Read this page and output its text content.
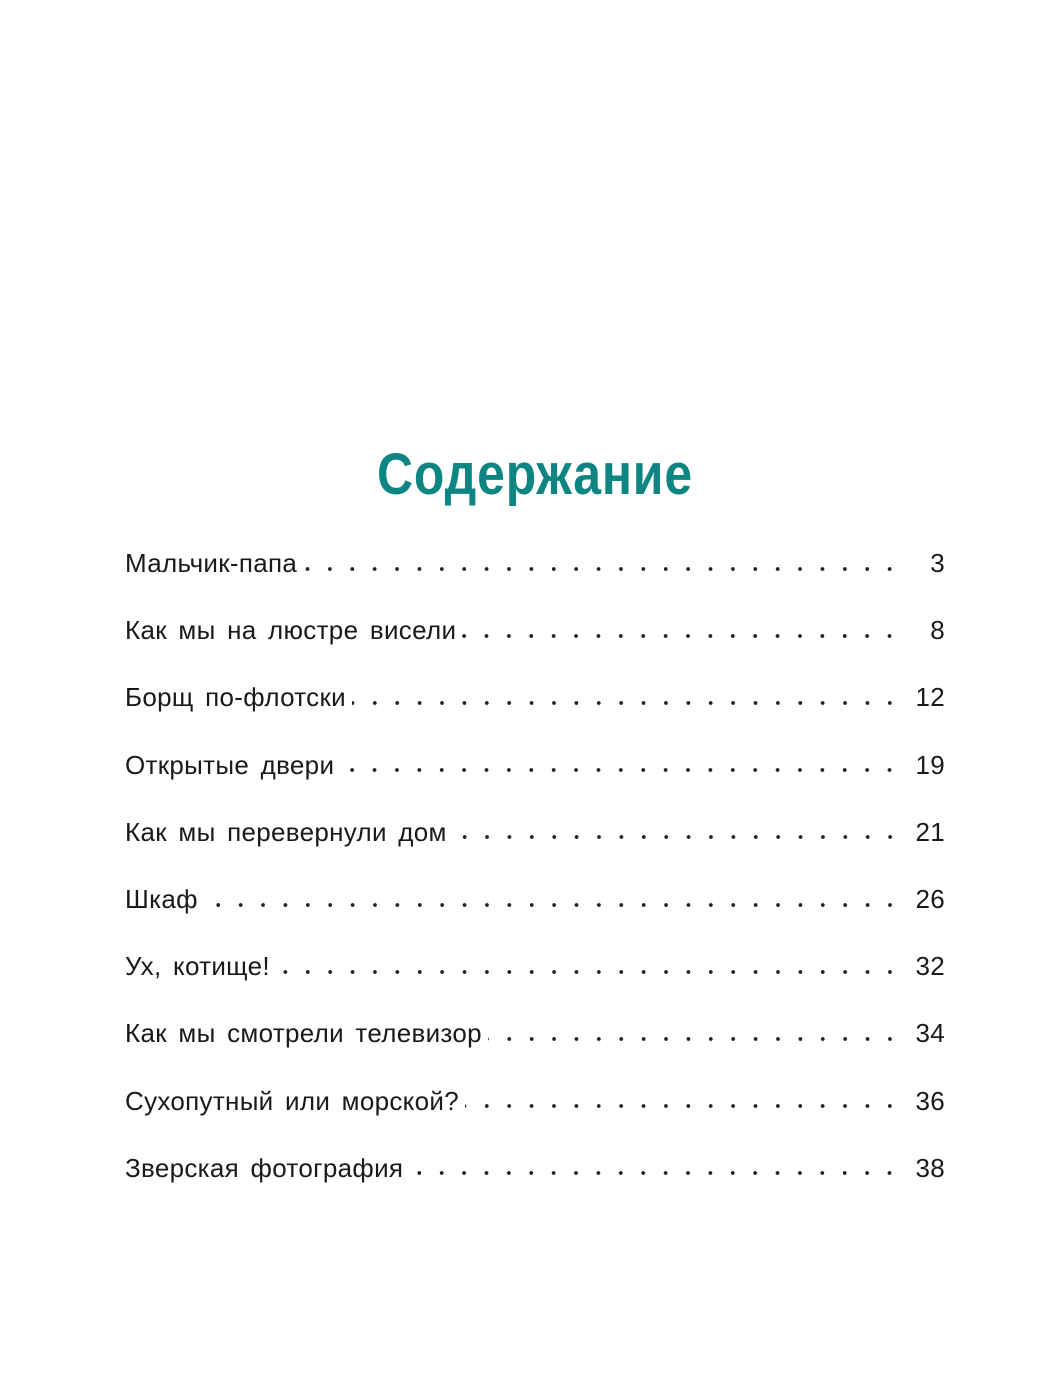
Содержание
Мальчик-папа	3
Как мы на люстре висели	8
Борщ по-флотски	12
Открытые двери	19
Как мы перевернули дом	21
Шкаф	26
Ух, котище!	32
Как мы смотрели телевизор	34
Сухопутный или морской?	36
Зверская фотография	38
